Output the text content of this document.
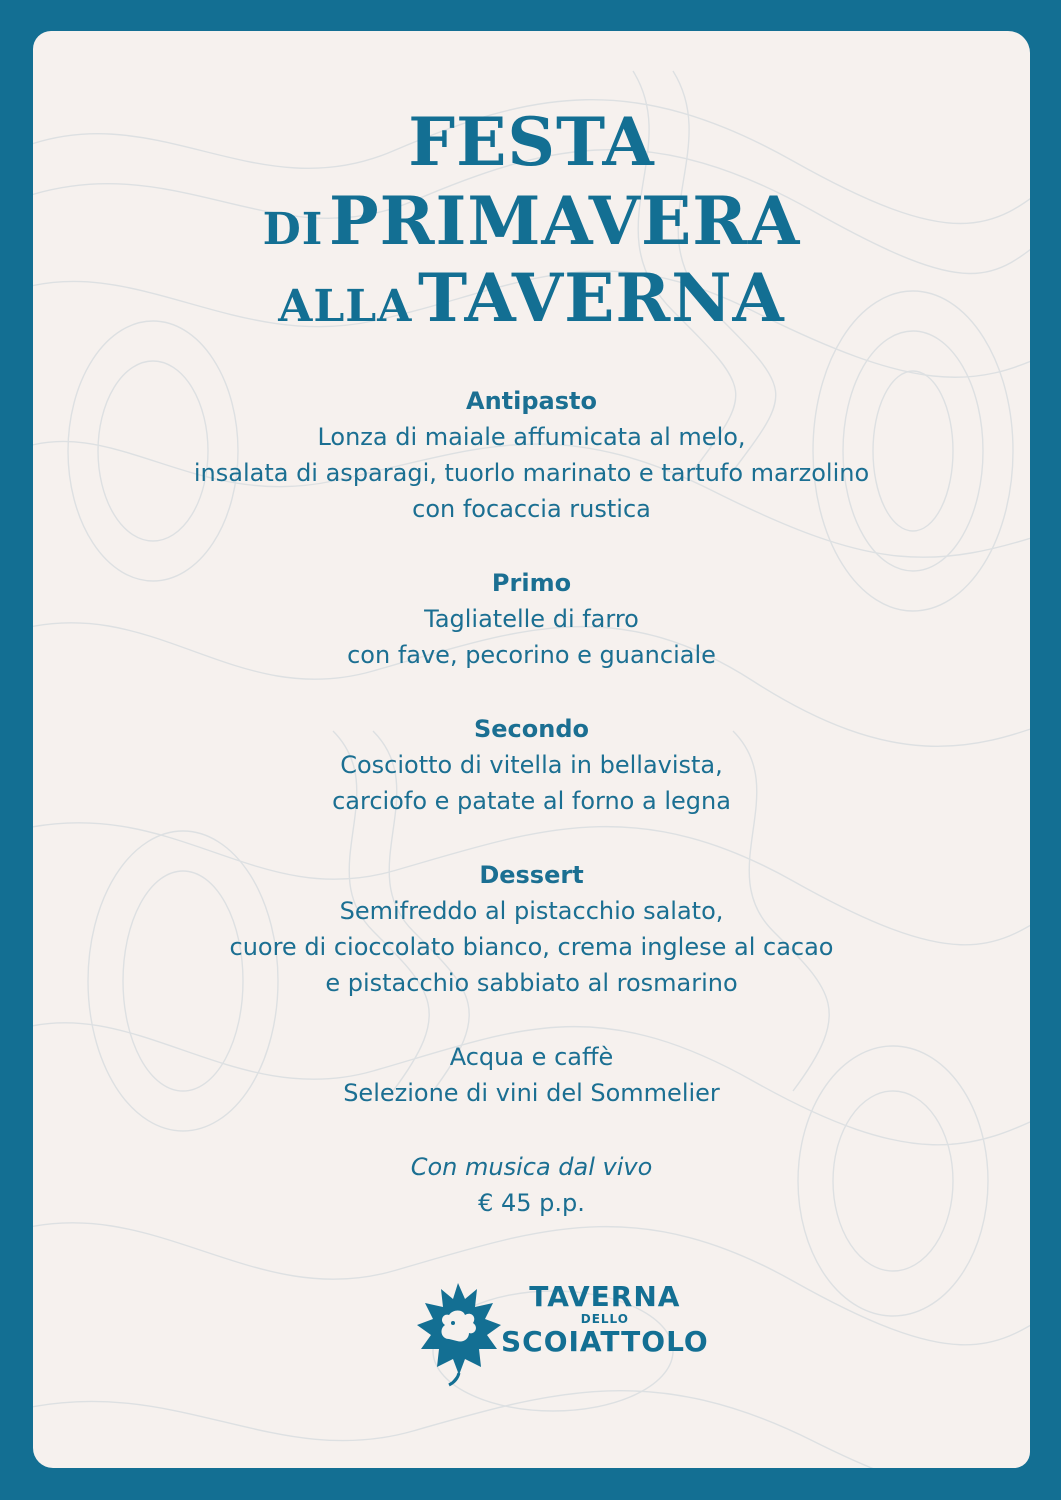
FESTA
DI PRIMAVERA
ALLA TAVERNA
Antipasto

Lonza di maiale affumicata al melo,

insalata di asparagi, tuorlo marinato e tartufo marzolino

con focaccia rustica

Primo

Tagliatelle di farro

con fave, pecorino e guanciale

Secondo

Cosciotto di vitella in bellavista,

carciofo e patate al forno a legna

Dessert

Semifreddo al pistacchio salato,

cuore di cioccolato bianco, crema inglese al cacao

e pistacchio sabbiato al rosmarino

Acqua e caffè

Selezione di vini del Sommelier

Con musica dal vivo

€ 45 p.p.

TAVERNA
DELLO
SCOIATTOLO
